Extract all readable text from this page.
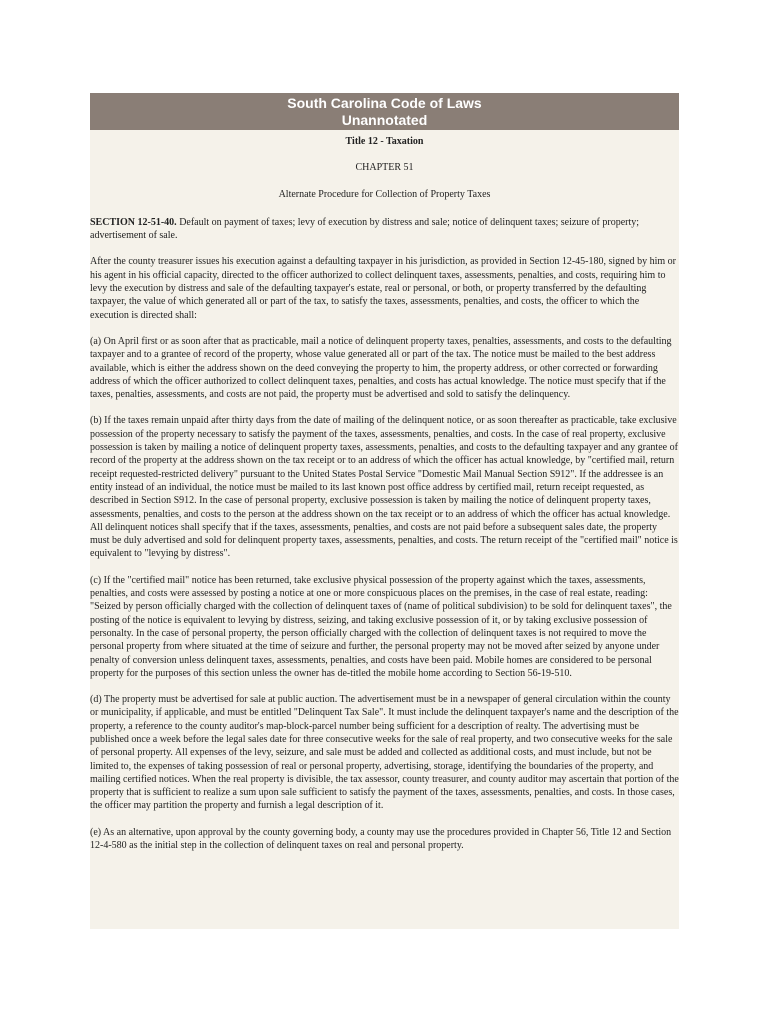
South Carolina Code of Laws
Unannotated
Title 12 - Taxation
CHAPTER 51
Alternate Procedure for Collection of Property Taxes

SECTION 12-51-40. Default on payment of taxes; levy of execution by distress and sale; notice of delinquent taxes; seizure of property; advertisement of sale.

After the county treasurer issues his execution against a defaulting taxpayer in his jurisdiction, as provided in Section 12-45-180, signed by him or his agent in his official capacity, directed to the officer authorized to collect delinquent taxes, assessments, penalties, and costs, requiring him to levy the execution by distress and sale of the defaulting taxpayer's estate, real or personal, or both, or property transferred by the defaulting taxpayer, the value of which generated all or part of the tax, to satisfy the taxes, assessments, penalties, and costs, the officer to which the execution is directed shall:

(a) On April first or as soon after that as practicable, mail a notice of delinquent property taxes, penalties, assessments, and costs to the defaulting taxpayer and to a grantee of record of the property, whose value generated all or part of the tax. The notice must be mailed to the best address available, which is either the address shown on the deed conveying the property to him, the property address, or other corrected or forwarding address of which the officer authorized to collect delinquent taxes, penalties, and costs has actual knowledge. The notice must specify that if the taxes, penalties, assessments, and costs are not paid, the property must be advertised and sold to satisfy the delinquency.

(b) If the taxes remain unpaid after thirty days from the date of mailing of the delinquent notice, or as soon thereafter as practicable, take exclusive possession of the property necessary to satisfy the payment of the taxes, assessments, penalties, and costs. In the case of real property, exclusive possession is taken by mailing a notice of delinquent property taxes, assessments, penalties, and costs to the defaulting taxpayer and any grantee of record of the property at the address shown on the tax receipt or to an address of which the officer has actual knowledge, by "certified mail, return receipt requested-restricted delivery" pursuant to the United States Postal Service "Domestic Mail Manual Section S912". If the addressee is an entity instead of an individual, the notice must be mailed to its last known post office address by certified mail, return receipt requested, as described in Section S912. In the case of personal property, exclusive possession is taken by mailing the notice of delinquent property taxes, assessments, penalties, and costs to the person at the address shown on the tax receipt or to an address of which the officer has actual knowledge. All delinquent notices shall specify that if the taxes, assessments, penalties, and costs are not paid before a subsequent sales date, the property must be duly advertised and sold for delinquent property taxes, assessments, penalties, and costs. The return receipt of the "certified mail" notice is equivalent to "levying by distress".

(c) If the "certified mail" notice has been returned, take exclusive physical possession of the property against which the taxes, assessments, penalties, and costs were assessed by posting a notice at one or more conspicuous places on the premises, in the case of real estate, reading: "Seized by person officially charged with the collection of delinquent taxes of (name of political subdivision) to be sold for delinquent taxes", the posting of the notice is equivalent to levying by distress, seizing, and taking exclusive possession of it, or by taking exclusive possession of personalty. In the case of personal property, the person officially charged with the collection of delinquent taxes is not required to move the personal property from where situated at the time of seizure and further, the personal property may not be moved after seized by anyone under penalty of conversion unless delinquent taxes, assessments, penalties, and costs have been paid. Mobile homes are considered to be personal property for the purposes of this section unless the owner has de-titled the mobile home according to Section 56-19-510.

(d) The property must be advertised for sale at public auction. The advertisement must be in a newspaper of general circulation within the county or municipality, if applicable, and must be entitled "Delinquent Tax Sale". It must include the delinquent taxpayer's name and the description of the property, a reference to the county auditor's map-block-parcel number being sufficient for a description of realty. The advertising must be published once a week before the legal sales date for three consecutive weeks for the sale of real property, and two consecutive weeks for the sale of personal property. All expenses of the levy, seizure, and sale must be added and collected as additional costs, and must include, but not be limited to, the expenses of taking possession of real or personal property, advertising, storage, identifying the boundaries of the property, and mailing certified notices. When the real property is divisible, the tax assessor, county treasurer, and county auditor may ascertain that portion of the property that is sufficient to realize a sum upon sale sufficient to satisfy the payment of the taxes, assessments, penalties, and costs. In those cases, the officer may partition the property and furnish a legal description of it.

(e) As an alternative, upon approval by the county governing body, a county may use the procedures provided in Chapter 56, Title 12 and Section 12-4-580 as the initial step in the collection of delinquent taxes on real and personal property.
